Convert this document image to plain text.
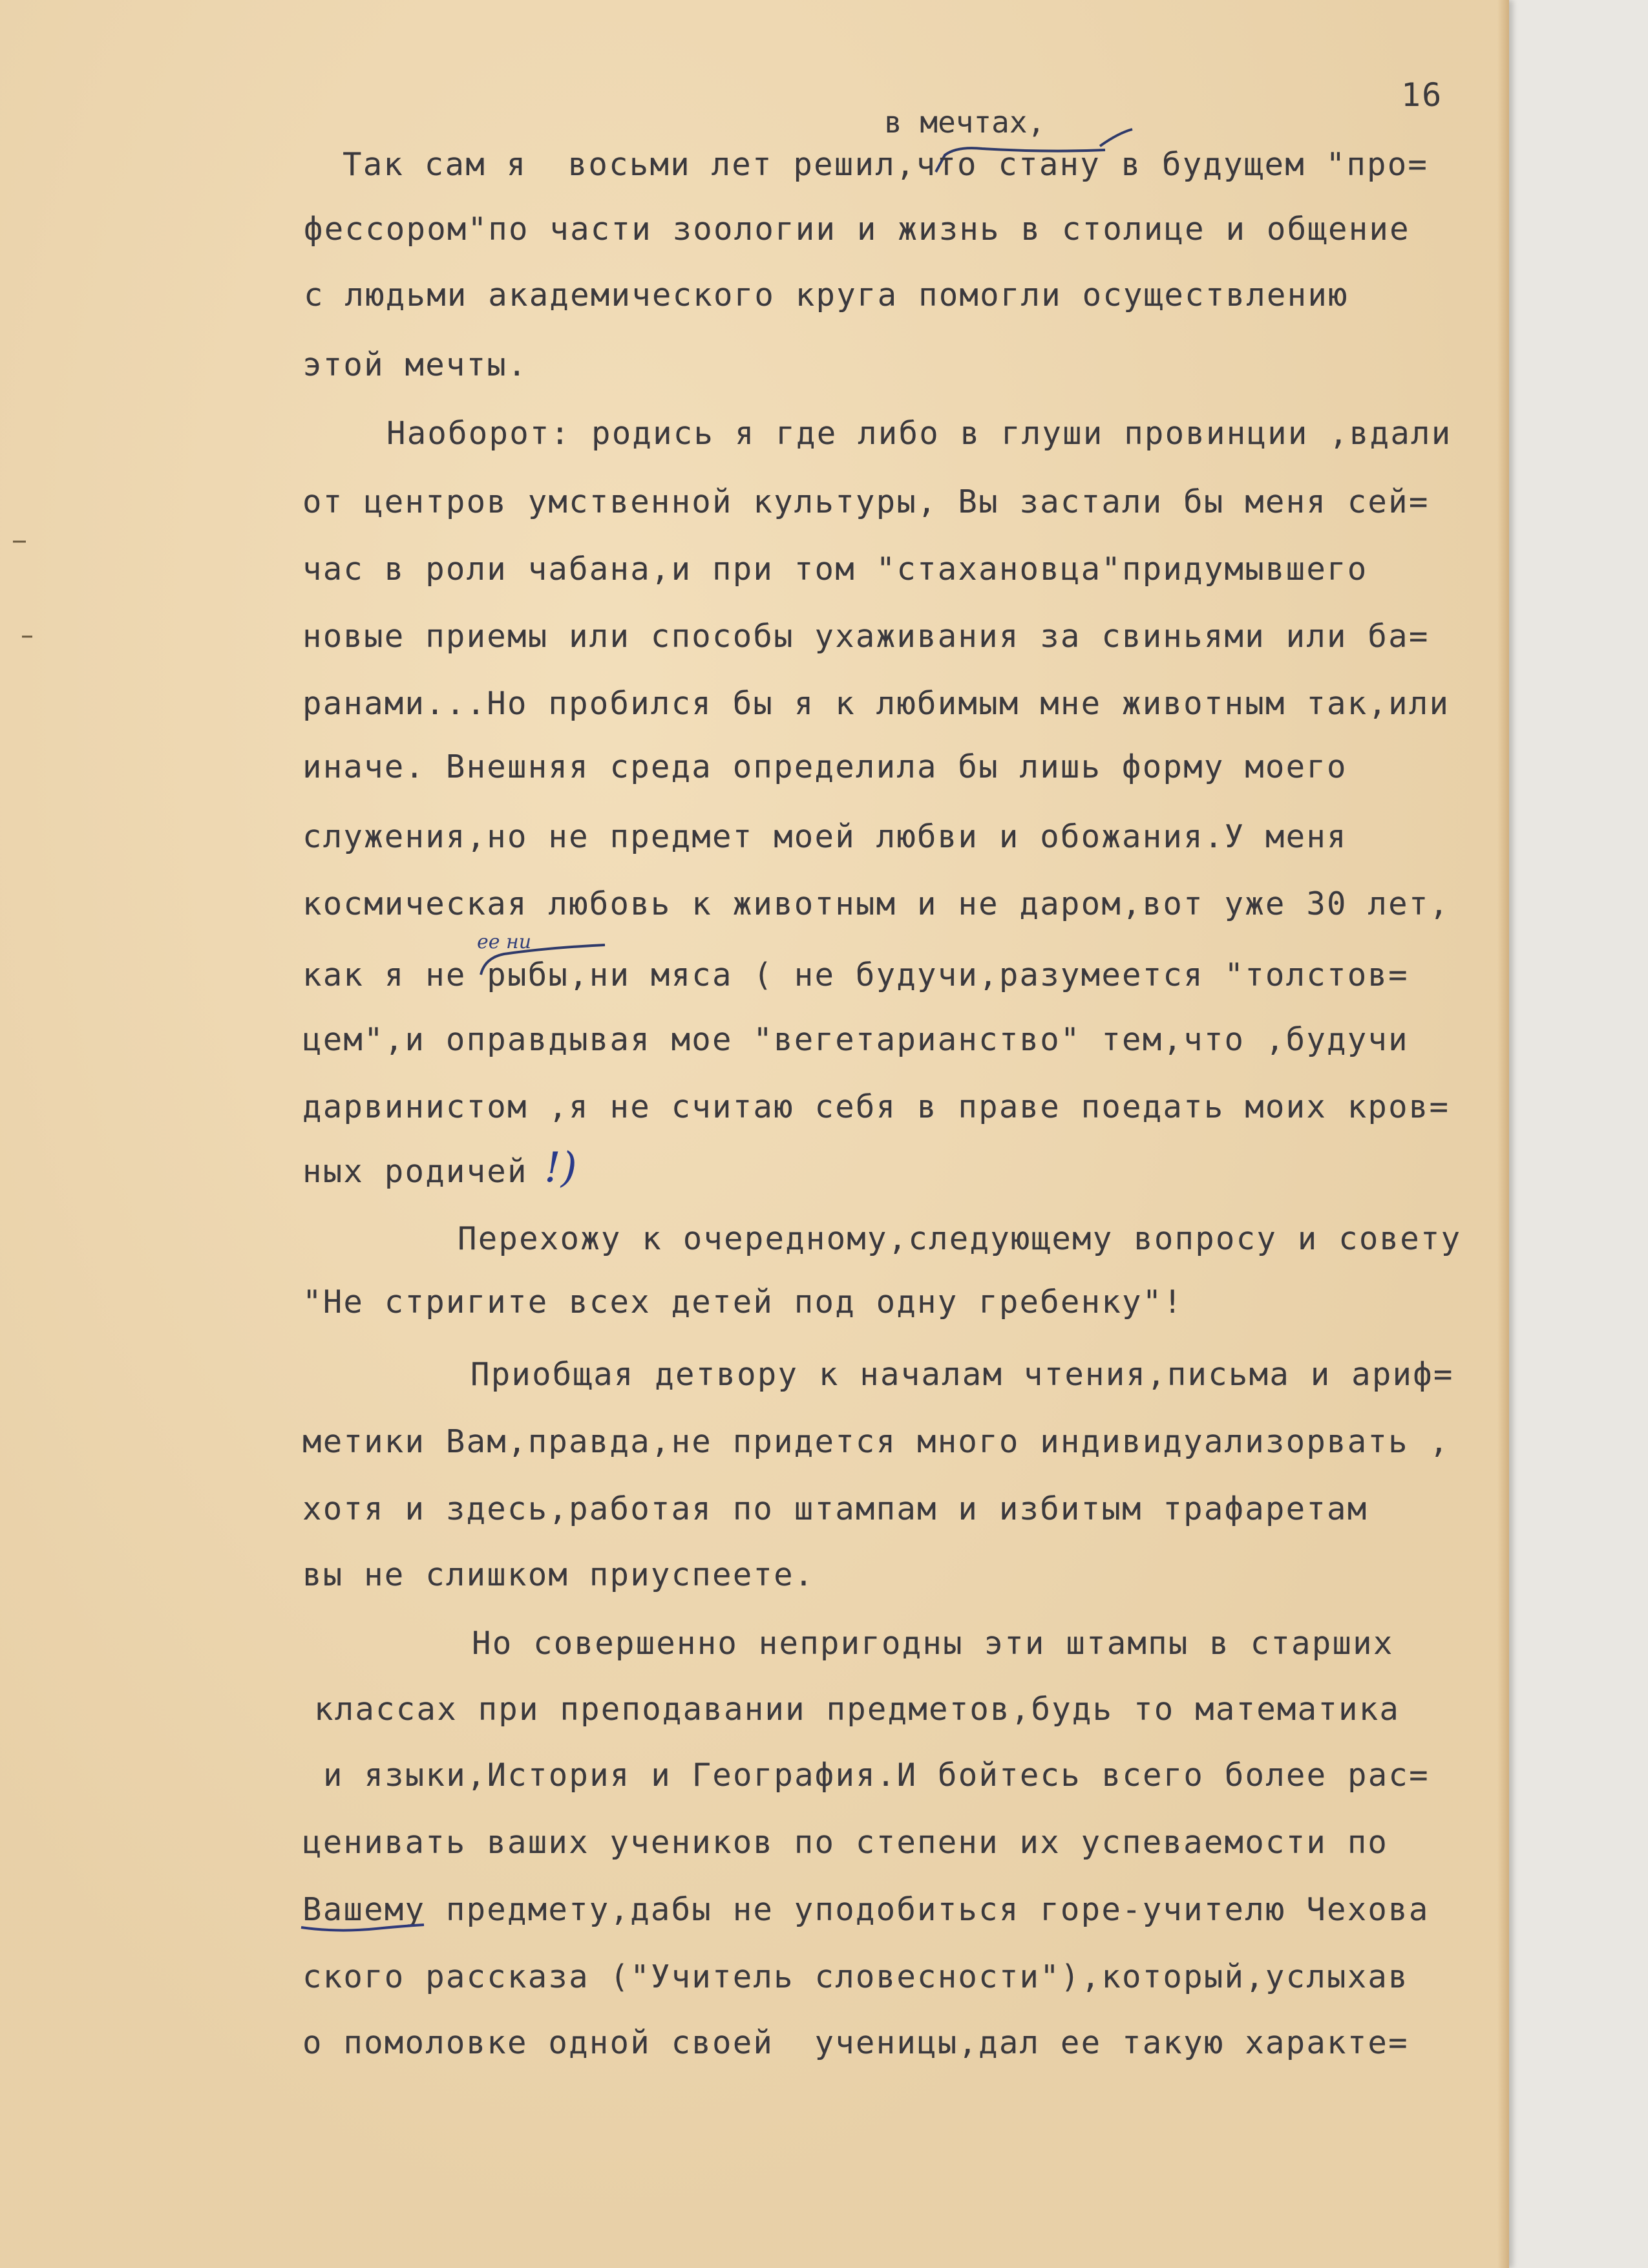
16
в мечтах,
Так сам я  восьми лет решил,что стану в будущем "про=
фессором"по части зоологии и жизнь в столице и общение
с людьми академического круга помогли осуществлению
этой мечты.
Наоборот: родись я где либо в глуши провинции ,вдали
от центров умственной культуры, Вы застали бы меня сей=
час в роли чабана,и при том "стахановца"придумывшего
новые приемы или способы ухаживания за свиньями или ба=
ранами...Но пробился бы я к любимым мне животным так,или
иначе. Внешняя среда определила бы лишь форму моего
служения,но не предмет моей любви и обожания.У меня
космическая любовь к животным и не даром,вот уже 30 лет,
ее ни
как я не рыбы,ни мяса ( не будучи,разумеется "толстов=
цем",и оправдывая мое "вегетарианство" тем,что ,будучи
дарвинистом ,я не считаю себя в праве поедать моих кров=
ных родичей !)
Перехожу к очередному,следующему вопросу и совету
"Не стригите всех детей под одну гребенку"!
Приобщая детвору к началам чтения,письма и ариф=
метики Вам,правда,не придется много индивидуализорвать ,
хотя и здесь,работая по штампам и избитым трафаретам
вы не слишком приуспеете.
Но совершенно непригодны эти штампы в старших
классах при преподавании предметов,будь то математика
и языки,История и География.И бойтесь всего более рас=
ценивать ваших учеников по степени их успеваемости по
Вашему предмету,дабы не уподобиться горе-учителю Чехова
ского рассказа ("Учитель словесности"),который,услыхав
о помоловке одной своей  ученицы,дал ее такую характе=
